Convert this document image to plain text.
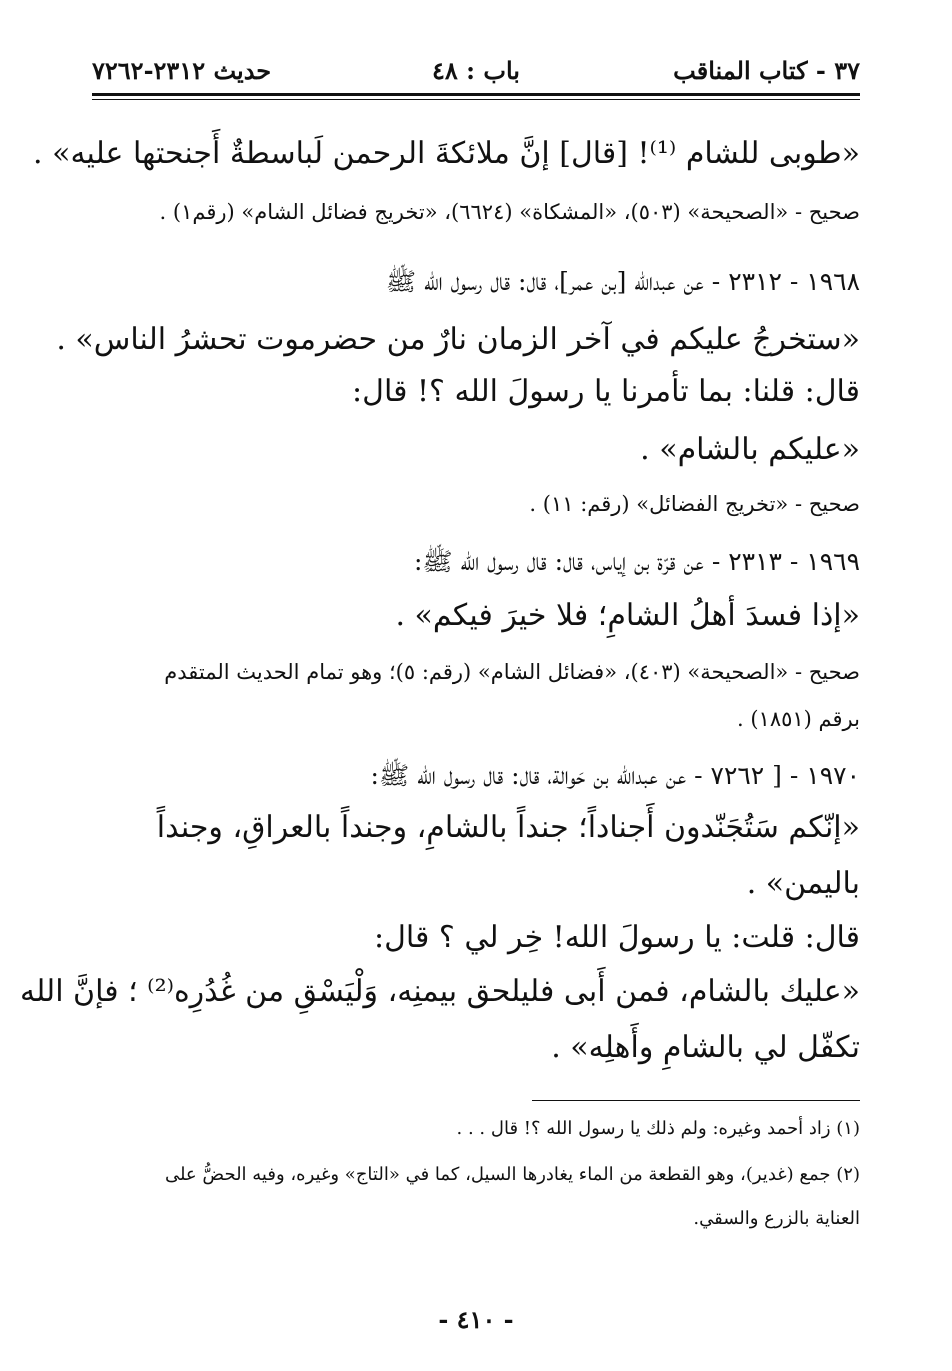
٣٧ - كتاب المناقب
باب : ٤٨
حديث ٢٣١٢-٧٢٦٢
«طوبى للشام ⁽¹⁾! [قال] إنَّ ملائكةَ الرحمن لَباسطةٌ أَجنحتها عليه» .
صحيح - «الصحيحة» (٥٠٣)، «المشكاة» (٦٦٢٤)، «تخريج فضائل الشام» (رقم١) .
١٩٦٨ - ٢٣١٢ - عن عبدالله [بن عمر]، قال: قال رسول الله ﷺ
«ستخرجُ عليكم في آخر الزمان نارٌ من حضرموت تحشرُ الناس» .
قال: قلنا: بما تأمرنا يا رسولَ الله ؟! قال:
«عليكم بالشام» .
صحيح - «تخريج الفضائل» (رقم: ١١) .
١٩٦٩ - ٢٣١٣ - عن قرّة بن إياس، قال: قال رسول الله ﷺ:
«إذا فسدَ أهلُ الشامِ؛ فلا خيرَ فيكم» .
صحيح - «الصحيحة» (٤٠٣)، «فضائل الشام» (رقم: ٥)؛ وهو تمام الحديث المتقدم
برقم (١٨٥١) .
١٩٧٠ - [ ٧٢٦٢ - عن عبدالله بن حَوالة، قال: قال رسول الله ﷺ:
«إنّكم سَتُجَنّدون أَجناداً؛ جنداً بالشامِ، وجنداً بالعراقِ، وجنداً
باليمن» .
قال: قلت: يا رسولَ الله! خِر لي ؟ قال:
«عليك بالشام، فمن أَبى فليلحق بيمنِه، وَلْيَسْقِ من غُدُرِه⁽²⁾ ؛ فإنَّ الله
تكفّل لي بالشامِ وأَهلِه» .
(١) زاد أحمد وغيره: ولم ذلك يا رسول الله ؟! قال . . .
(٢) جمع (غدير)، وهو القطعة من الماء يغادرها السيل، كما في «التاج» وغيره، وفيه الحضُّ على
العناية بالزرع والسقي.
- ٤١٠ -
